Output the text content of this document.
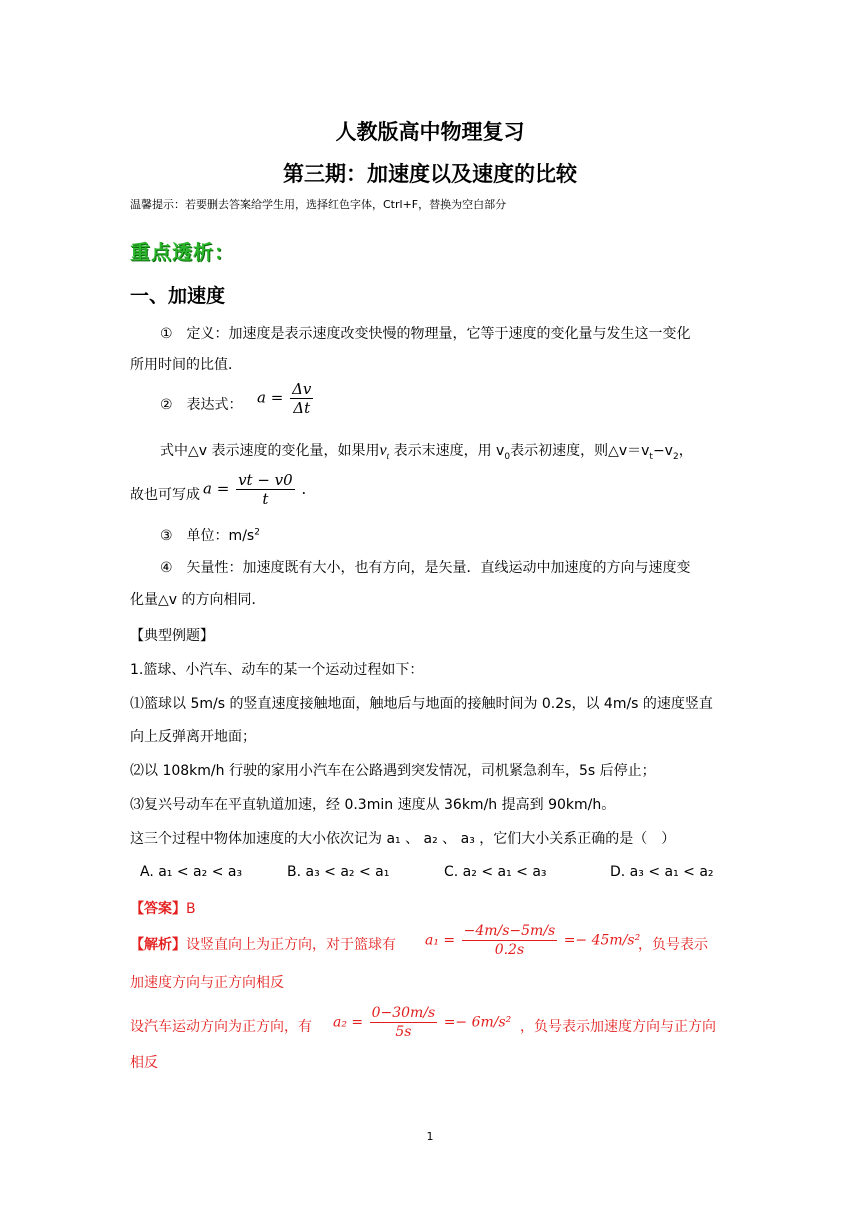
人教版高中物理复习
第三期：加速度以及速度的比较
温馨提示：若要删去答案给学生用，选择红色字体，Ctrl+F，替换为空白部分
重点透析：
一、加速度
①　定义：加速度是表示速度改变快慢的物理量，它等于速度的变化量与发生这一变化
所用时间的比值．
②　表达式： $a = \frac{\Delta v}{\Delta t}$
式中△v 表示速度的变化量，如果用$v_t$ 表示末速度，用 $v_0$表示初速度，则$\triangle v=v_t-v_2$，
故也可写成 $a = \frac{vt - v0}{t}$ ．
③　单位：$m/s^2$
④　矢量性：加速度既有大小，也有方向，是矢量．直线运动中加速度的方向与速度变
化量△v 的方向相同．
【典型例题】
1.篮球、小汽车、动车的某一个运动过程如下：
⑴篮球以 5m/s 的竖直速度接触地面，触地后与地面的接触时间为 0.2s，以 4m/s 的速度竖直
向上反弹离开地面；
⑵以 108km/h 行驶的家用小汽车在公路遇到突发情况，司机紧急刹车，5s 后停止；
⑶复兴号动车在平直轨道加速，经 0.3min 速度从 36km/h 提高到 90km/h。
这三个过程中物体加速度的大小依次记为 a₁ 、 a₂ 、 a₃ ，它们大小关系正确的是（　）
A. a₁ < a₂ < a₃	B. a₃ < a₂ < a₁	C. a₂ < a₁ < a₃	D. a₃ < a₁ < a₂
【答案】B
【解析】设竖直向上为正方向，对于篮球有 $a_1 = \frac{-4m/s-5m/s}{0.2s} =- 45m/s^2$
，负号表示
加速度方向与正方向相反
设汽车运动方向为正方向，有 $a_2 = \frac{0-30m/s}{5s} =- 6m/s^2$ ，负号表示加速度方向与正方向
相反
1
